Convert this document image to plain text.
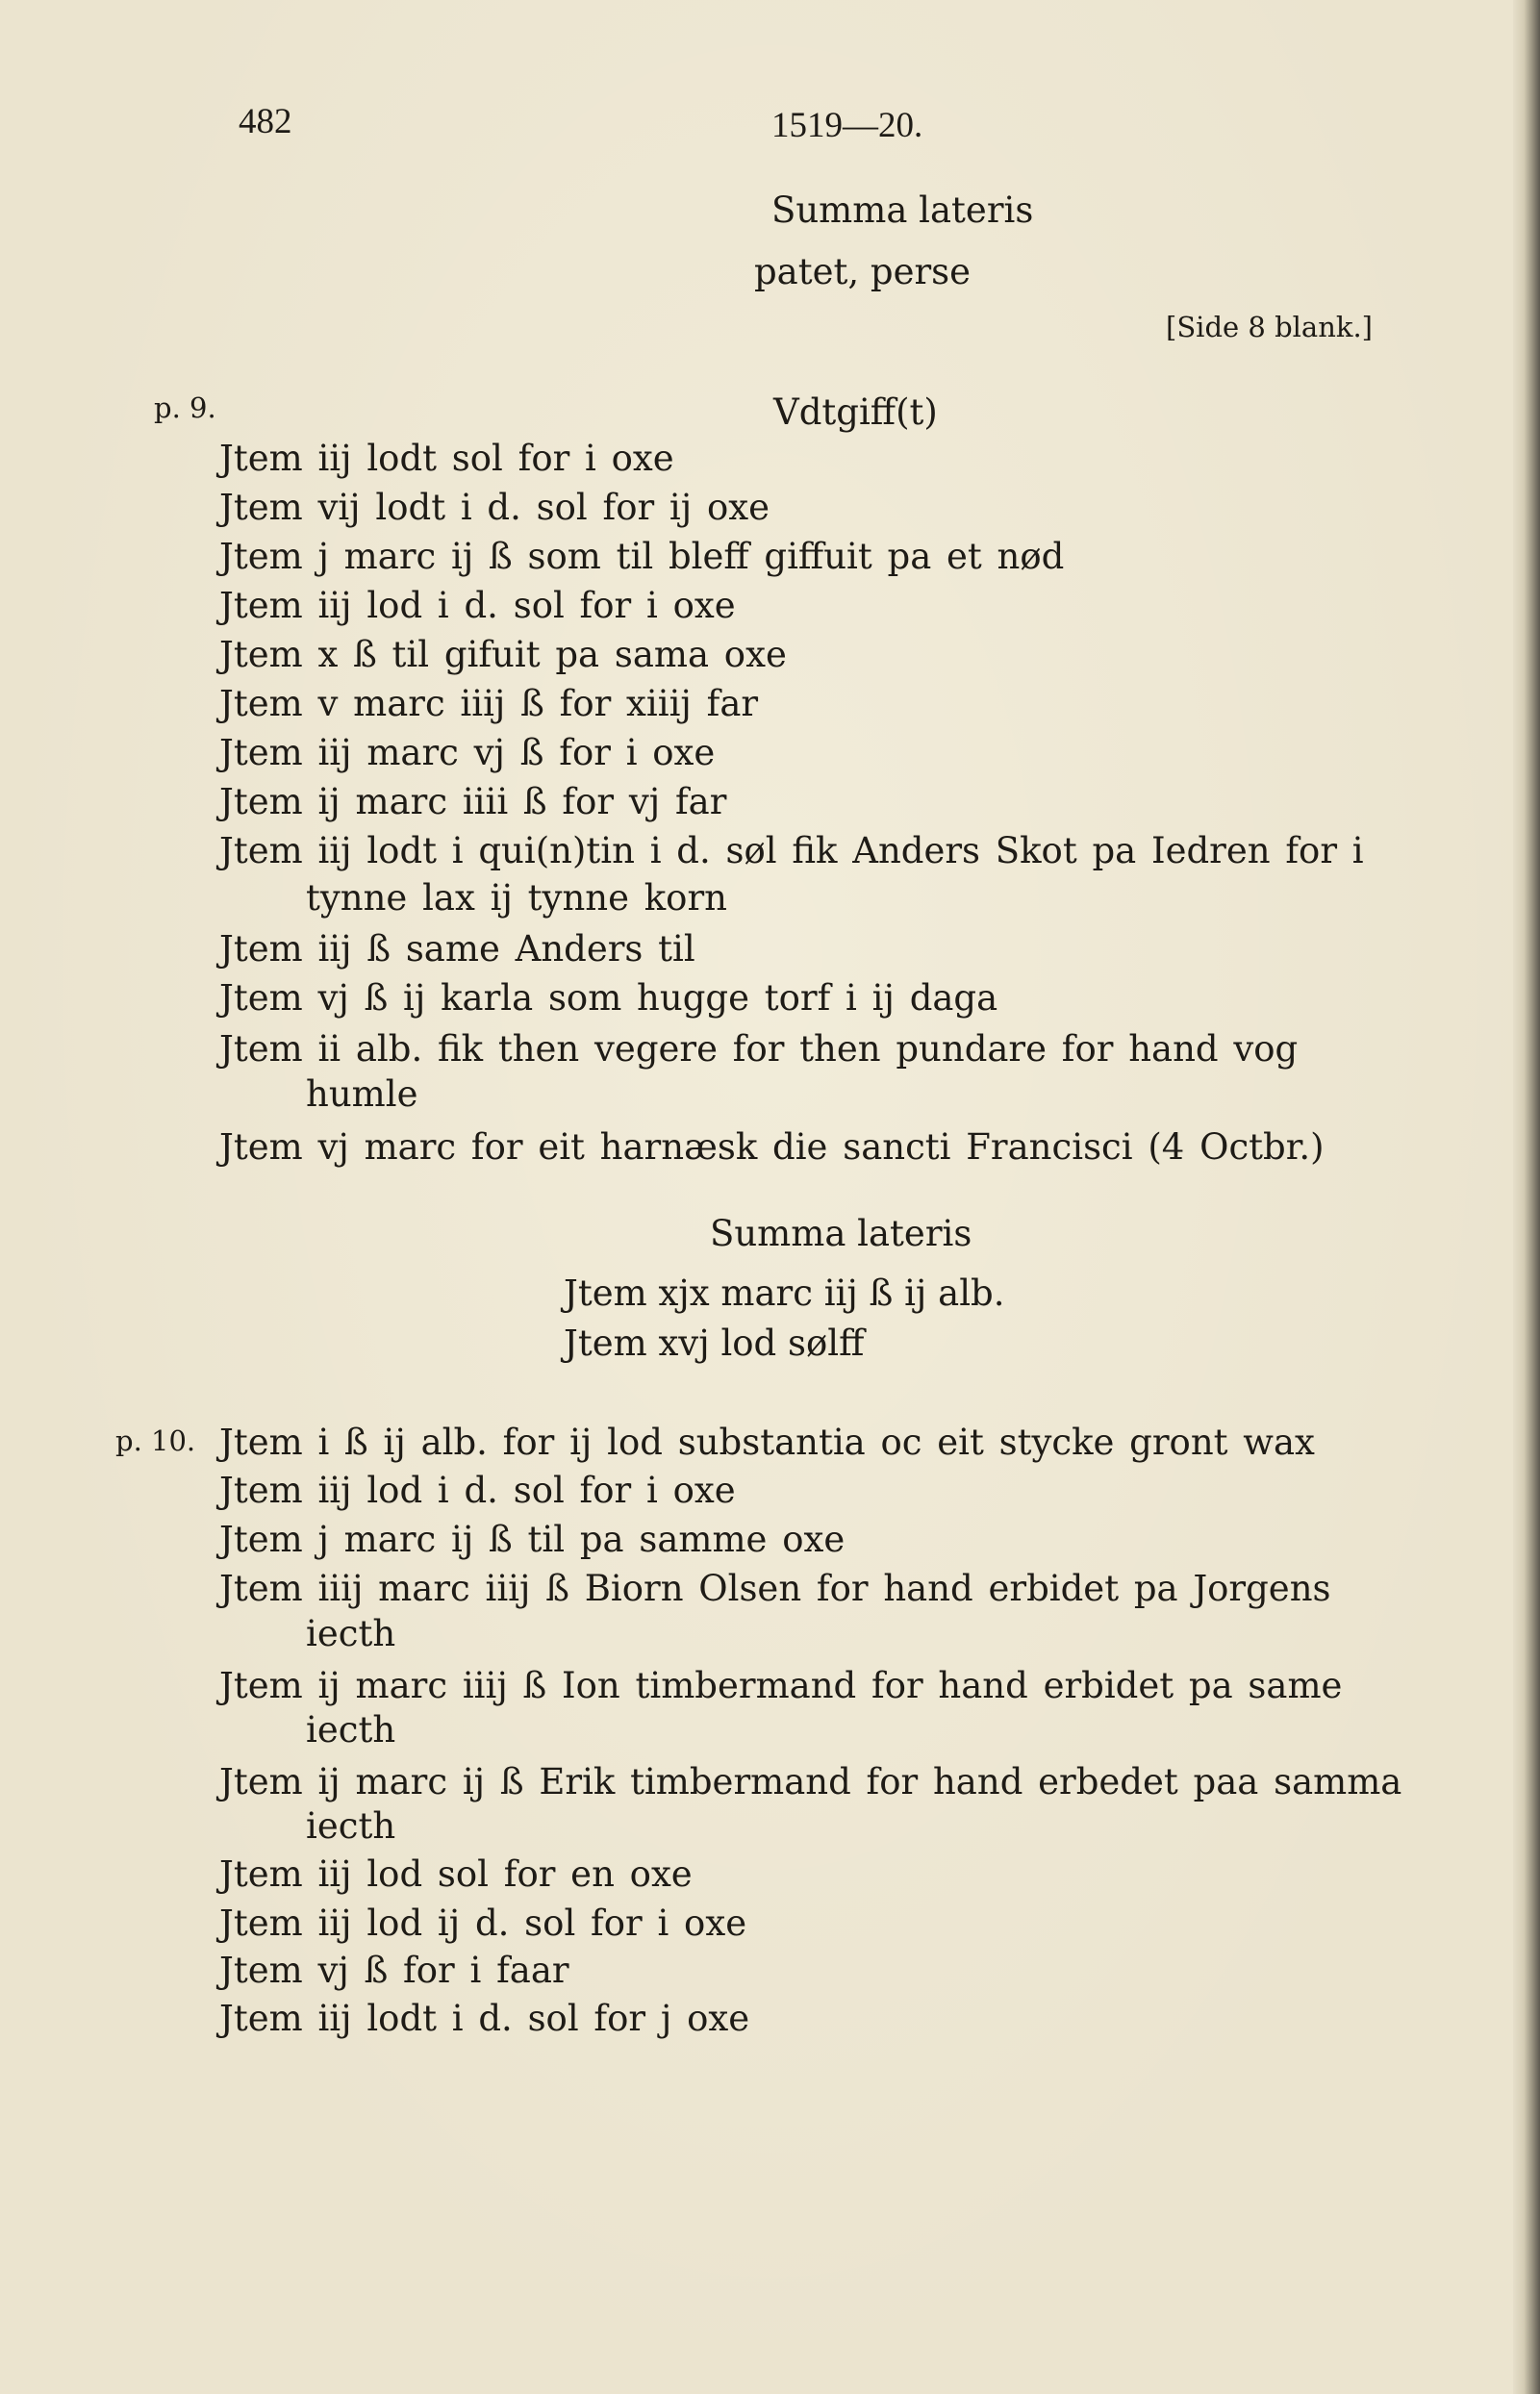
482	1519—20.
Summa lateris
patet, perse
[Side 8 blank.]
p. 9.	Vdtgiff(t)
Jtem iij lodt sol for i oxe
Jtem vij lodt i d. sol for ij oxe
Jtem j marc ij ß som til bleff giffuit pa et nød
Jtem iij lod i d. sol for i oxe
Jtem x ß til gifuit pa sama oxe
Jtem v marc iiij ß for xiiij far
Jtem iij marc vj ß for i oxe
Jtem ij marc iiii ß for vj far
Jtem iij lodt i qui(n)tin i d. søl fik Anders Skot pa Iedren for i
tynne lax ij tynne korn
Jtem iij ß same Anders til
Jtem vj ß ij karla som hugge torf i ij daga
Jtem ii alb. fik then vegere for then pundare for hand vog
humle
Jtem vj marc for eit harnæsk die sancti Francisci (4 Octbr.)
Summa lateris
Jtem xjx marc iij ß ij alb.
Jtem xvj lod sølff
p. 10. Jtem i ß ij alb. for ij lod substantia oc eit stycke gront wax
Jtem iij lod i d. sol for i oxe
Jtem j marc ij ß til pa samme oxe
Jtem iiij marc iiij ß Biorn Olsen for hand erbidet pa Jorgens
iecth
Jtem ij marc iiij ß Ion timbermand for hand erbidet pa same
iecth
Jtem ij marc ij ß Erik timbermand for hand erbedet paa samma
iecth
Jtem iij lod sol for en oxe
Jtem iij lod ij d. sol for i oxe
Jtem vj ß for i faar
Jtem iij lodt i d. sol for j oxe
